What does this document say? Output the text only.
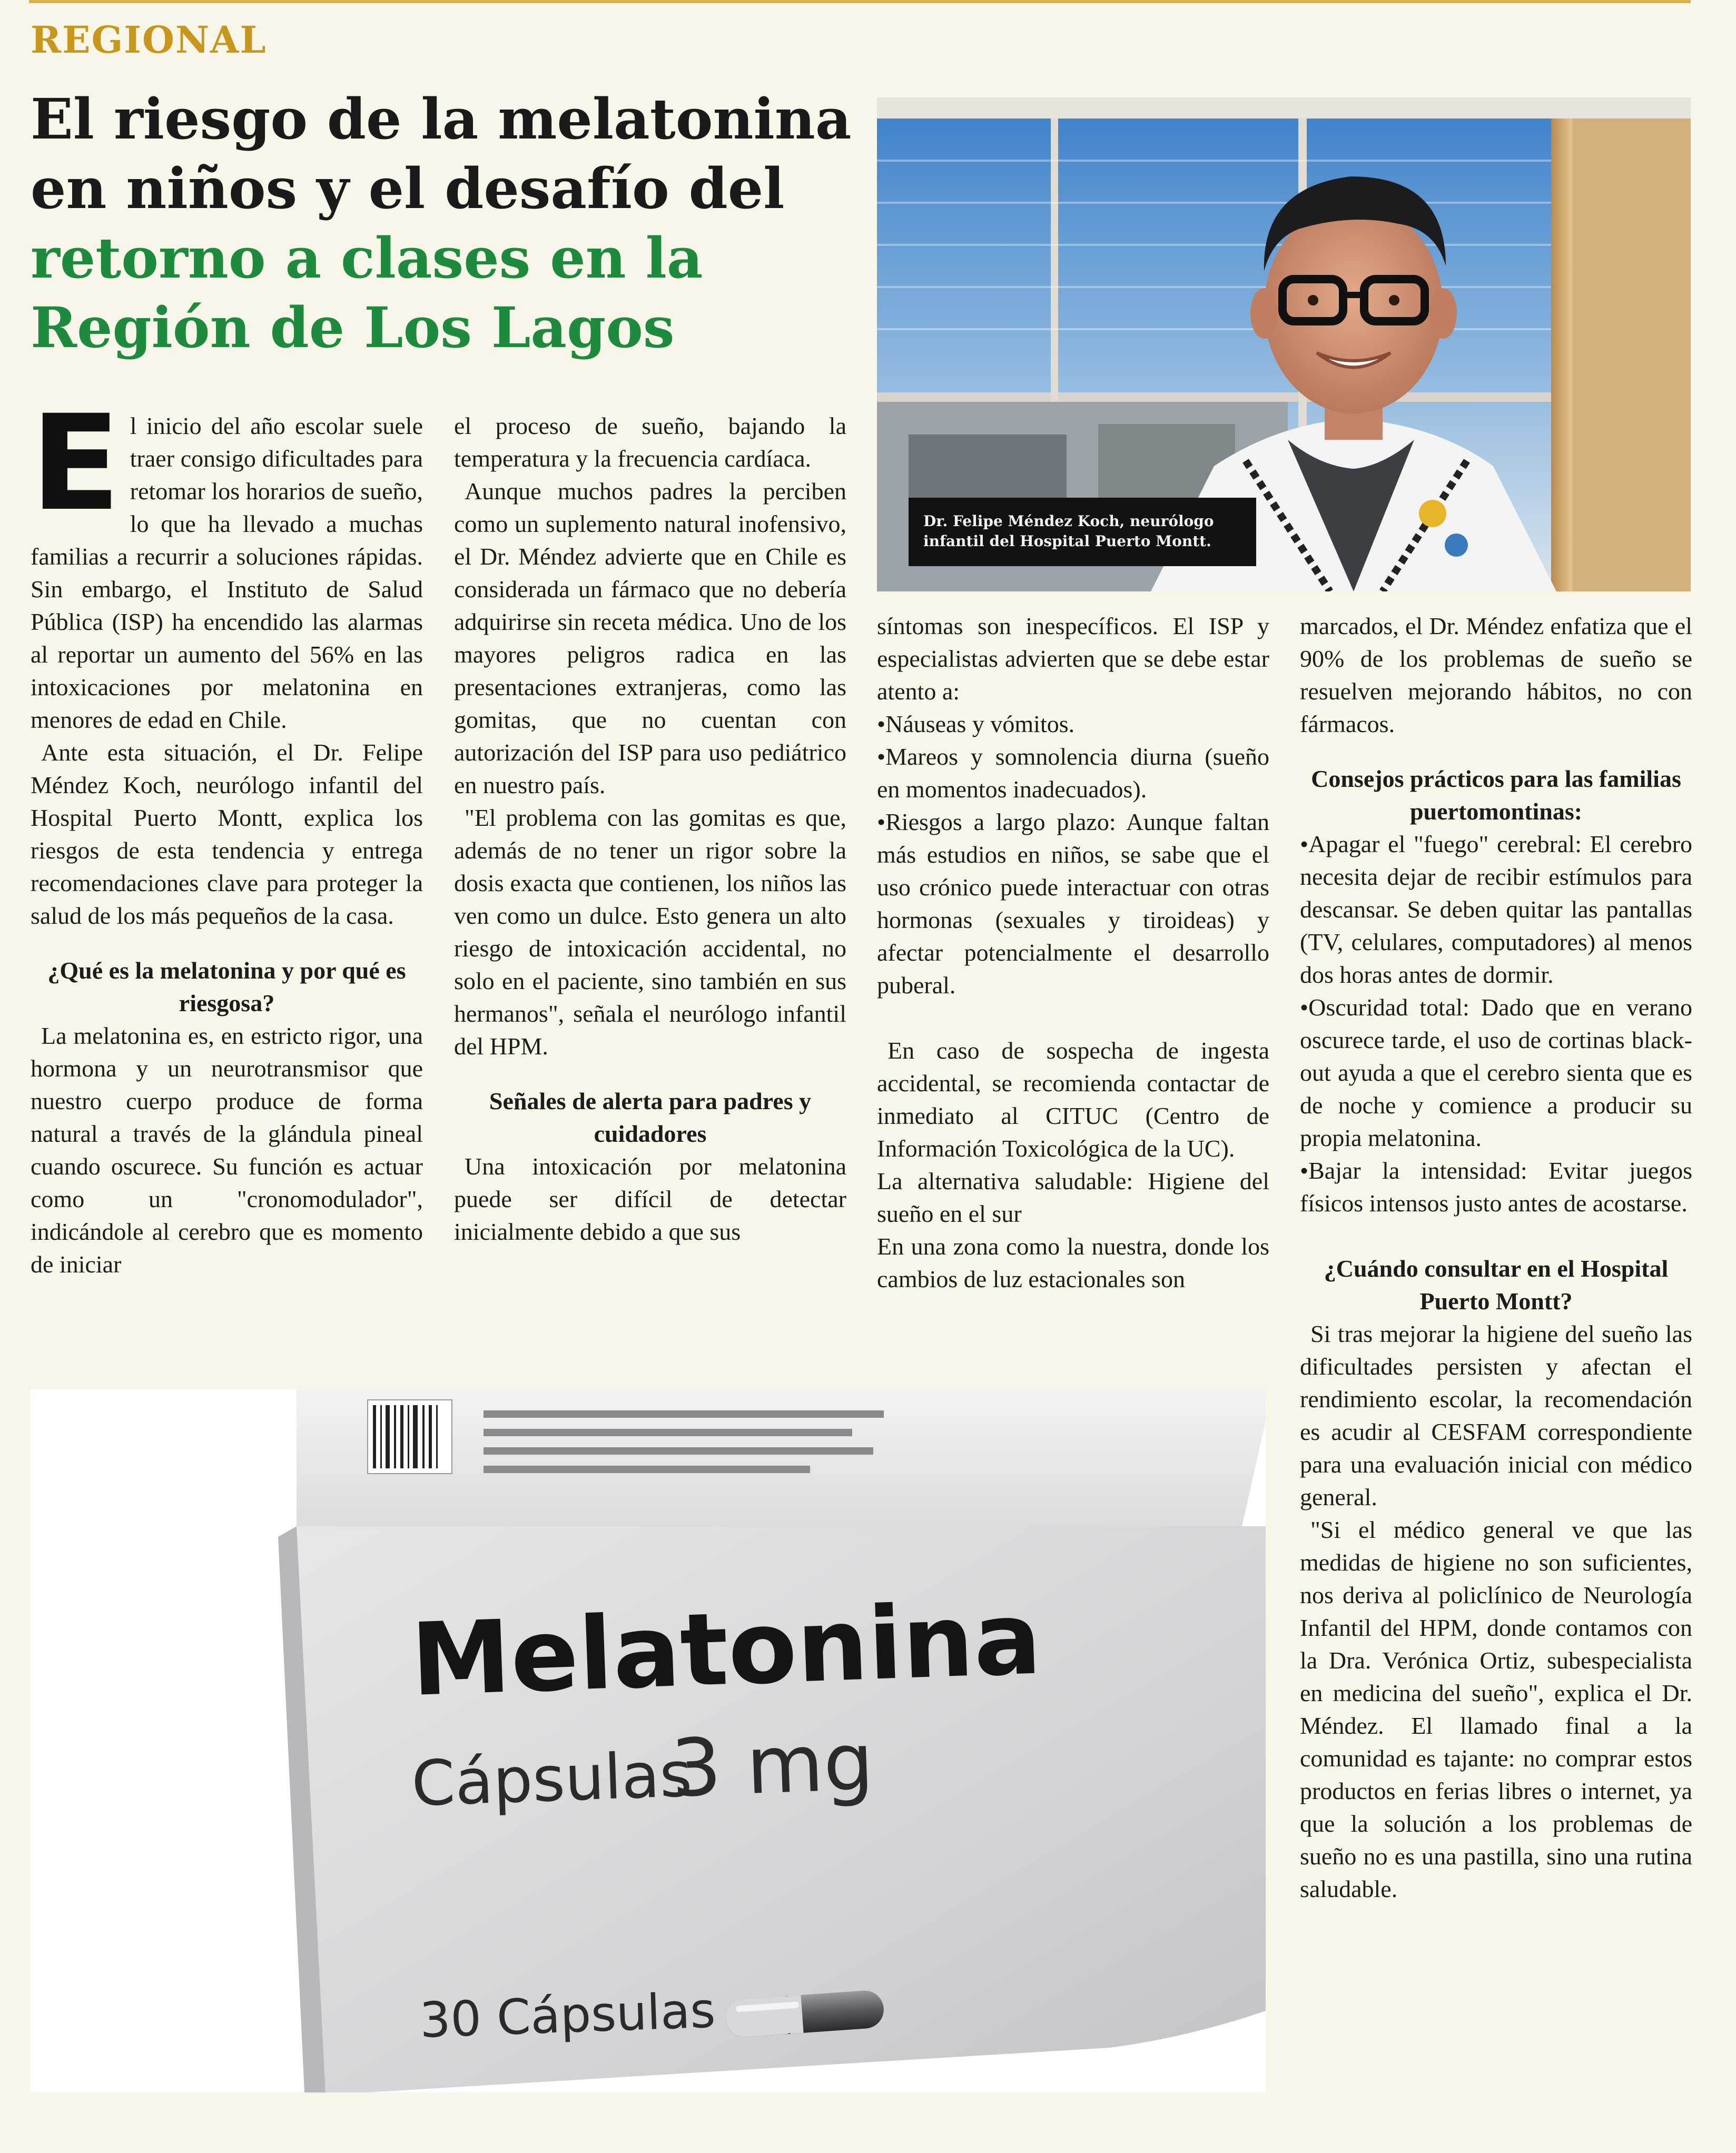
REGIONAL
El riesgo de la melatonina
en niños y el desafío del
retorno a clases en la
Región de Los Lagos
Dr. Felipe Méndez Koch, neurólogo
infantil del Hospital Puerto Montt.

El inicio del año escolar suele traer consigo dificultades para retomar los horarios de sueño, lo que ha llevado a muchas familias a recurrir a soluciones rápidas. Sin embargo, el Instituto de Salud Pública (ISP) ha encendido las alarmas al reportar un aumento del 56% en las intoxicaciones por melatonina en menores de edad en Chile.

Ante esta situación, el Dr. Felipe Méndez Koch, neurólogo infantil del Hospital Puerto Montt, explica los riesgos de esta tendencia y entrega recomendaciones clave para proteger la salud de los más pequeños de la casa.

¿Qué es la melatonina y por qué es riesgosa?

La melatonina es, en estricto rigor, una hormona y un neurotransmisor que nuestro cuerpo produce de forma natural a través de la glándula pineal cuando oscurece. Su función es actuar como un "cronomodulador", indicándole al cerebro que es momento de iniciar

el proceso de sueño, bajando la temperatura y la frecuencia cardíaca.

Aunque muchos padres la perciben como un suplemento natural inofensivo, el Dr. Méndez advierte que en Chile es considerada un fármaco que no debería adquirirse sin receta médica. Uno de los mayores peligros radica en las presentaciones extranjeras, como las gomitas, que no cuentan con autorización del ISP para uso pediátrico en nuestro país.

"El problema con las gomitas es que, además de no tener un rigor sobre la dosis exacta que contienen, los niños las ven como un dulce. Esto genera un alto riesgo de intoxicación accidental, no solo en el paciente, sino también en sus hermanos", señala el neurólogo infantil del HPM.

Señales de alerta para padres y cuidadores

Una intoxicación por melatonina puede ser difícil de detectar inicialmente debido a que sus

síntomas son inespecíficos. El ISP y especialistas advierten que se debe estar atento a:

•Náuseas y vómitos.

•Mareos y somnolencia diurna (sueño en momentos inadecuados).

•Riesgos a largo plazo: Aunque faltan más estudios en niños, se sabe que el uso crónico puede interactuar con otras hormonas (sexuales y tiroideas) y afectar potencialmente el desarrollo puberal.

En caso de sospecha de ingesta accidental, se recomienda contactar de inmediato al CITUC (Centro de Información Toxicológica de la UC).

La alternativa saludable: Higiene del sueño en el sur

En una zona como la nuestra, donde los cambios de luz estacionales son

marcados, el Dr. Méndez enfatiza que el 90% de los problemas de sueño se resuelven mejorando hábitos, no con fármacos.

Consejos prácticos para las familias puertomontinas:

•Apagar el "fuego" cerebral: El cerebro necesita dejar de recibir estímulos para descansar. Se deben quitar las pantallas (TV, celulares, computadores) al menos dos horas antes de dormir.

•Oscuridad total: Dado que en verano oscurece tarde, el uso de cortinas black-out ayuda a que el cerebro sienta que es de noche y comience a producir su propia melatonina.

•Bajar la intensidad: Evitar juegos físicos intensos justo antes de acostarse.

¿Cuándo consultar en el Hospital Puerto Montt?

Si tras mejorar la higiene del sueño las dificultades persisten y afectan el rendimiento escolar, la recomendación es acudir al CESFAM correspondiente para una evaluación inicial con médico general.

"Si el médico general ve que las medidas de higiene no son suficientes, nos deriva al policlínico de Neurología Infantil del HPM, donde contamos con la Dra. Verónica Ortiz, subespecialista en medicina del sueño", explica el Dr. Méndez. El llamado final a la comunidad es tajante: no comprar estos productos en ferias libres o internet, ya que la solución a los problemas de sueño no es una pastilla, sino una rutina saludable.

Melatonina
Cápsulas
3 mg
30 Cápsulas
